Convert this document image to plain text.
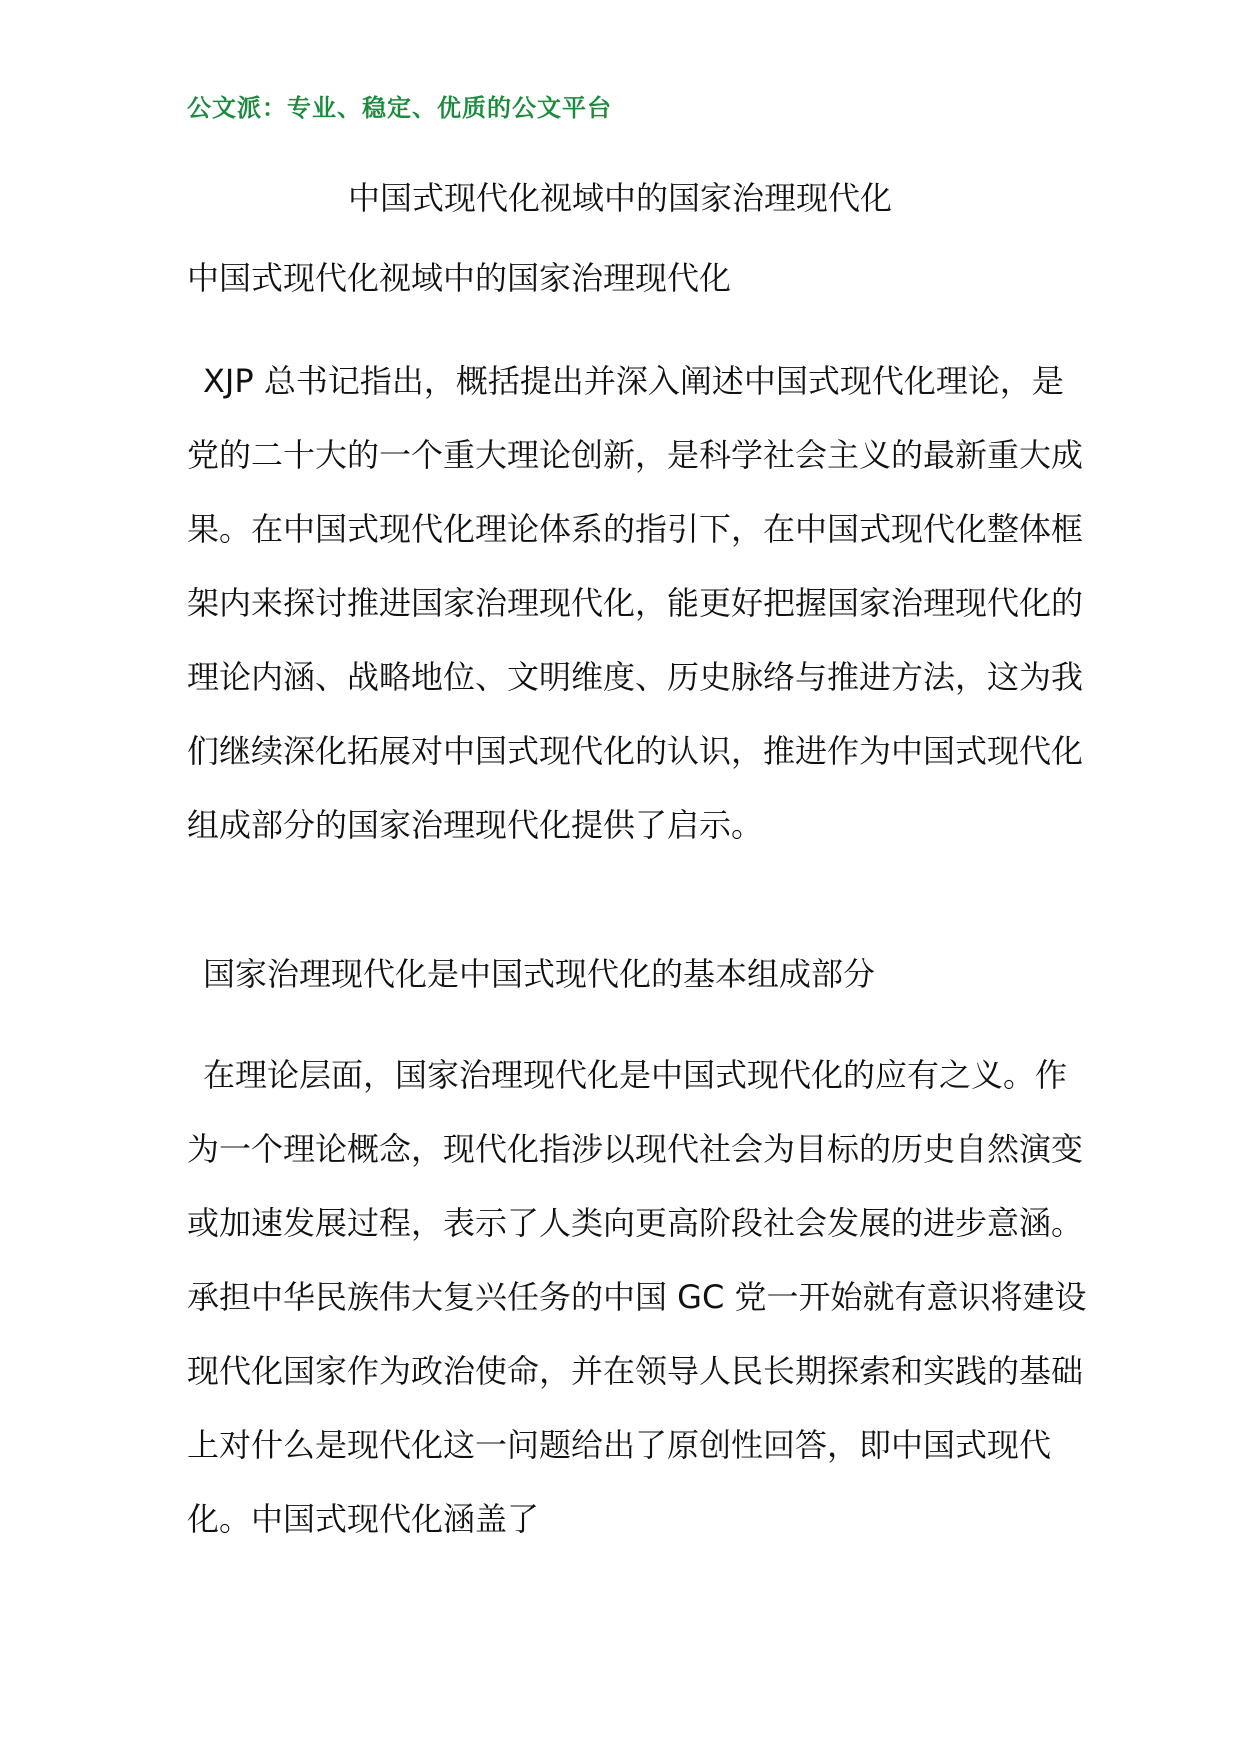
公文派：专业、稳定、优质的公文平台
中国式现代化视域中的国家治理现代化
中国式现代化视域中的国家治理现代化

XJP 总书记指出，概括提出并深入阐述中国式现代化理论，是党的二十大的一个重大理论创新，是科学社会主义的最新重大成果。在中国式现代化理论体系的指引下，在中国式现代化整体框架内来探讨推进国家治理现代化，能更好把握国家治理现代化的理论内涵、战略地位、文明维度、历史脉络与推进方法，这为我们继续深化拓展对中国式现代化的认识，推进作为中国式现代化组成部分的国家治理现代化提供了启示。

国家治理现代化是中国式现代化的基本组成部分

在理论层面，国家治理现代化是中国式现代化的应有之义。作为一个理论概念，现代化指涉以现代社会为目标的历史自然演变或加速发展过程，表示了人类向更高阶段社会发展的进步意涵。承担中华民族伟大复兴任务的中国 GC 党一开始就有意识将建设现代化国家作为政治使命，并在领导人民长期探索和实践的基础上对什么是现代化这一问题给出了原创性回答，即中国式现代化。中国式现代化涵盖了
